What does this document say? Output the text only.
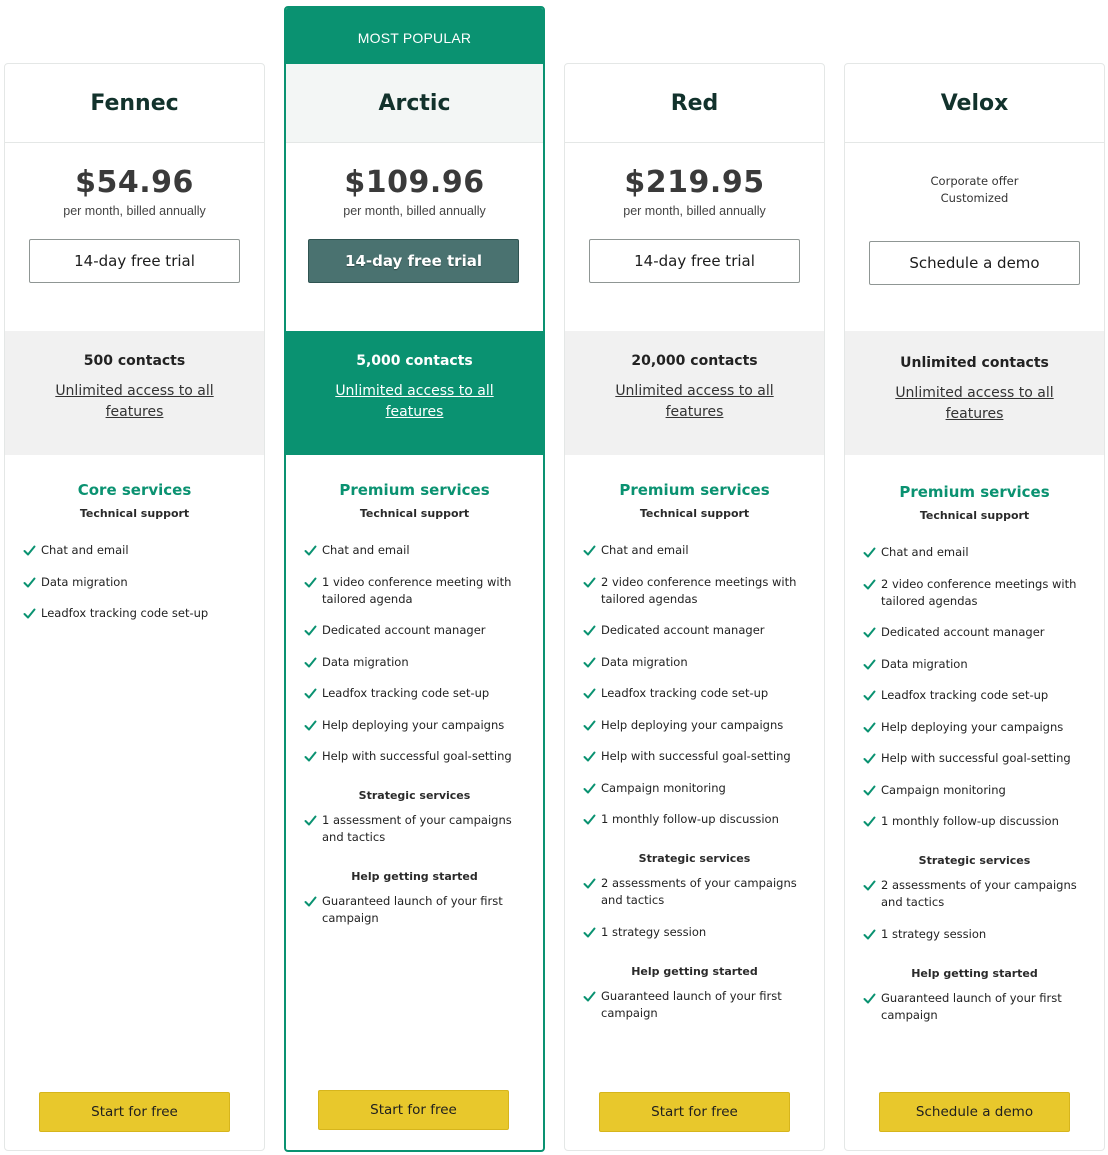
Fennec
$54.96
per month, billed annually
14-day free trial
500 contacts
Unlimited access to all features
Core services
Technical support
Chat and email
Data migration
Leadfox tracking code set-up
Start for free
MOST POPULAR
Arctic
$109.96
per month, billed annually
14-day free trial
5,000 contacts
Unlimited access to all features
Premium services
Technical support
Chat and email
1 video conference meeting with tailored agenda
Dedicated account manager
Data migration
Leadfox tracking code set-up
Help deploying your campaigns
Help with successful goal-setting
Strategic services
1 assessment of your campaigns and tactics
Help getting started
Guaranteed launch of your first campaign
Start for free
Red
$219.95
per month, billed annually
14-day free trial
20,000 contacts
Unlimited access to all features
Premium services
Technical support
Chat and email
2 video conference meetings with tailored agendas
Dedicated account manager
Data migration
Leadfox tracking code set-up
Help deploying your campaigns
Help with successful goal-setting
Campaign monitoring
1 monthly follow-up discussion
Strategic services
2 assessments of your campaigns and tactics
1 strategy session
Help getting started
Guaranteed launch of your first campaign
Start for free
Velox
Corporate offer
Customized
Schedule a demo
Unlimited contacts
Unlimited access to all features
Premium services
Technical support
Chat and email
2 video conference meetings with tailored agendas
Dedicated account manager
Data migration
Leadfox tracking code set-up
Help deploying your campaigns
Help with successful goal-setting
Campaign monitoring
1 monthly follow-up discussion
Strategic services
2 assessments of your campaigns and tactics
1 strategy session
Help getting started
Guaranteed launch of your first campaign
Schedule a demo
